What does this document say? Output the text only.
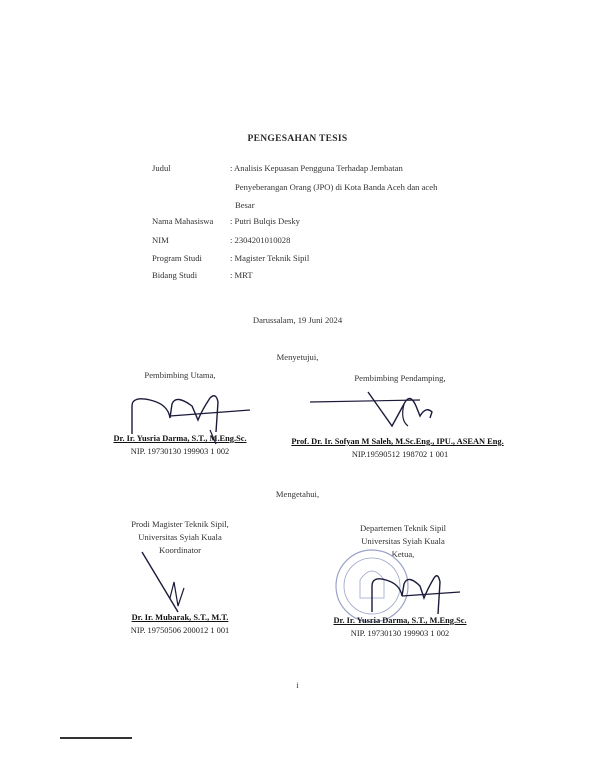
PENGESAHAN TESIS
Judul	: Analisis Kepuasan Pengguna Terhadap Jembatan
Penyeberangan Orang (JPO) di Kota Banda Aceh dan aceh
Besar
Nama Mahasiswa : Putri Bulqis Desky
NIM	: 2304201010028
Program Studi	: Magister Teknik Sipil
Bidang Studi	: MRT
Darussalam, 19 Juni 2024
Menyetujui,
Pembimbing Utama,
Dr. Ir. Yusria Darma, S.T., M.Eng.Sc.
NIP. 19730130 199903 1 002
Pembimbing Pendamping,
Prof. Dr. Ir. Sofyan M Saleh, M.Sc.Eng., IPU., ASEAN Eng.
NIP.19590512 198702 1 001
Mengetahui,
Prodi Magister Teknik Sipil,
Universitas Syiah Kuala
Koordinator
Dr. Ir. Mubarak, S.T., M.T.
NIP. 19750506 200012 1 001
Departemen Teknik Sipil
Universitas Syiah Kuala
Ketua,
Dr. Ir. Yusria Darma, S.T., M.Eng.Sc.
NIP. 19730130 199903 1 002
i
